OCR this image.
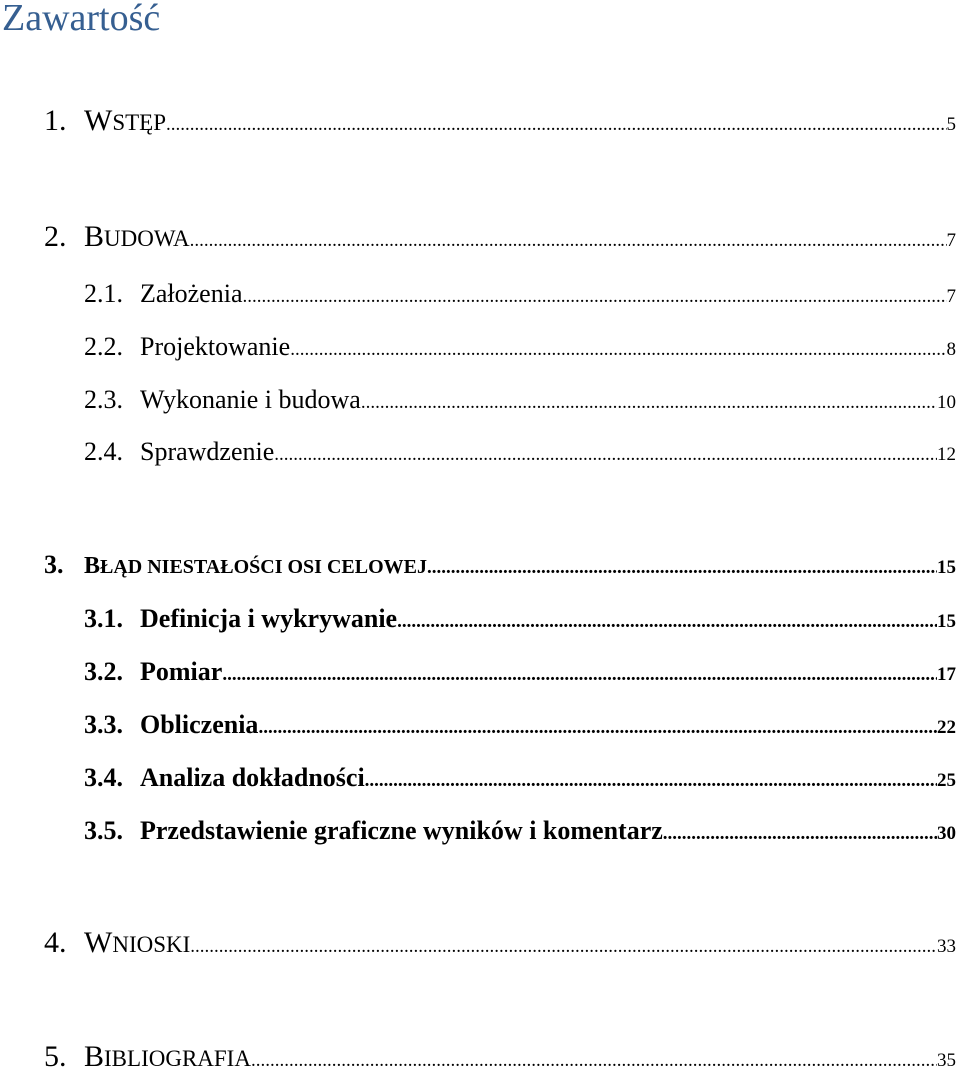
Zawartość
1. WSTĘP .....	5
2. BUDOWA .....	7
2.1. Założenia .....	7
2.2. Projektowanie .....	8
2.3. Wykonanie i budowa .....	10
2.4. Sprawdzenie .....	12
3. BŁĄD NIESTAŁOŚCI OSI CELOWEJ .....	15
3.1. Definicja i wykrywanie .....	15
3.2. Pomiar .....	17
3.3. Obliczenia .....	22
3.4. Analiza dokładności .....	25
3.5. Przedstawienie graficzne wyników i komentarz .....	30
4. WNIOSKI .....	33
5. BIBLIOGRAFIA .....	35
